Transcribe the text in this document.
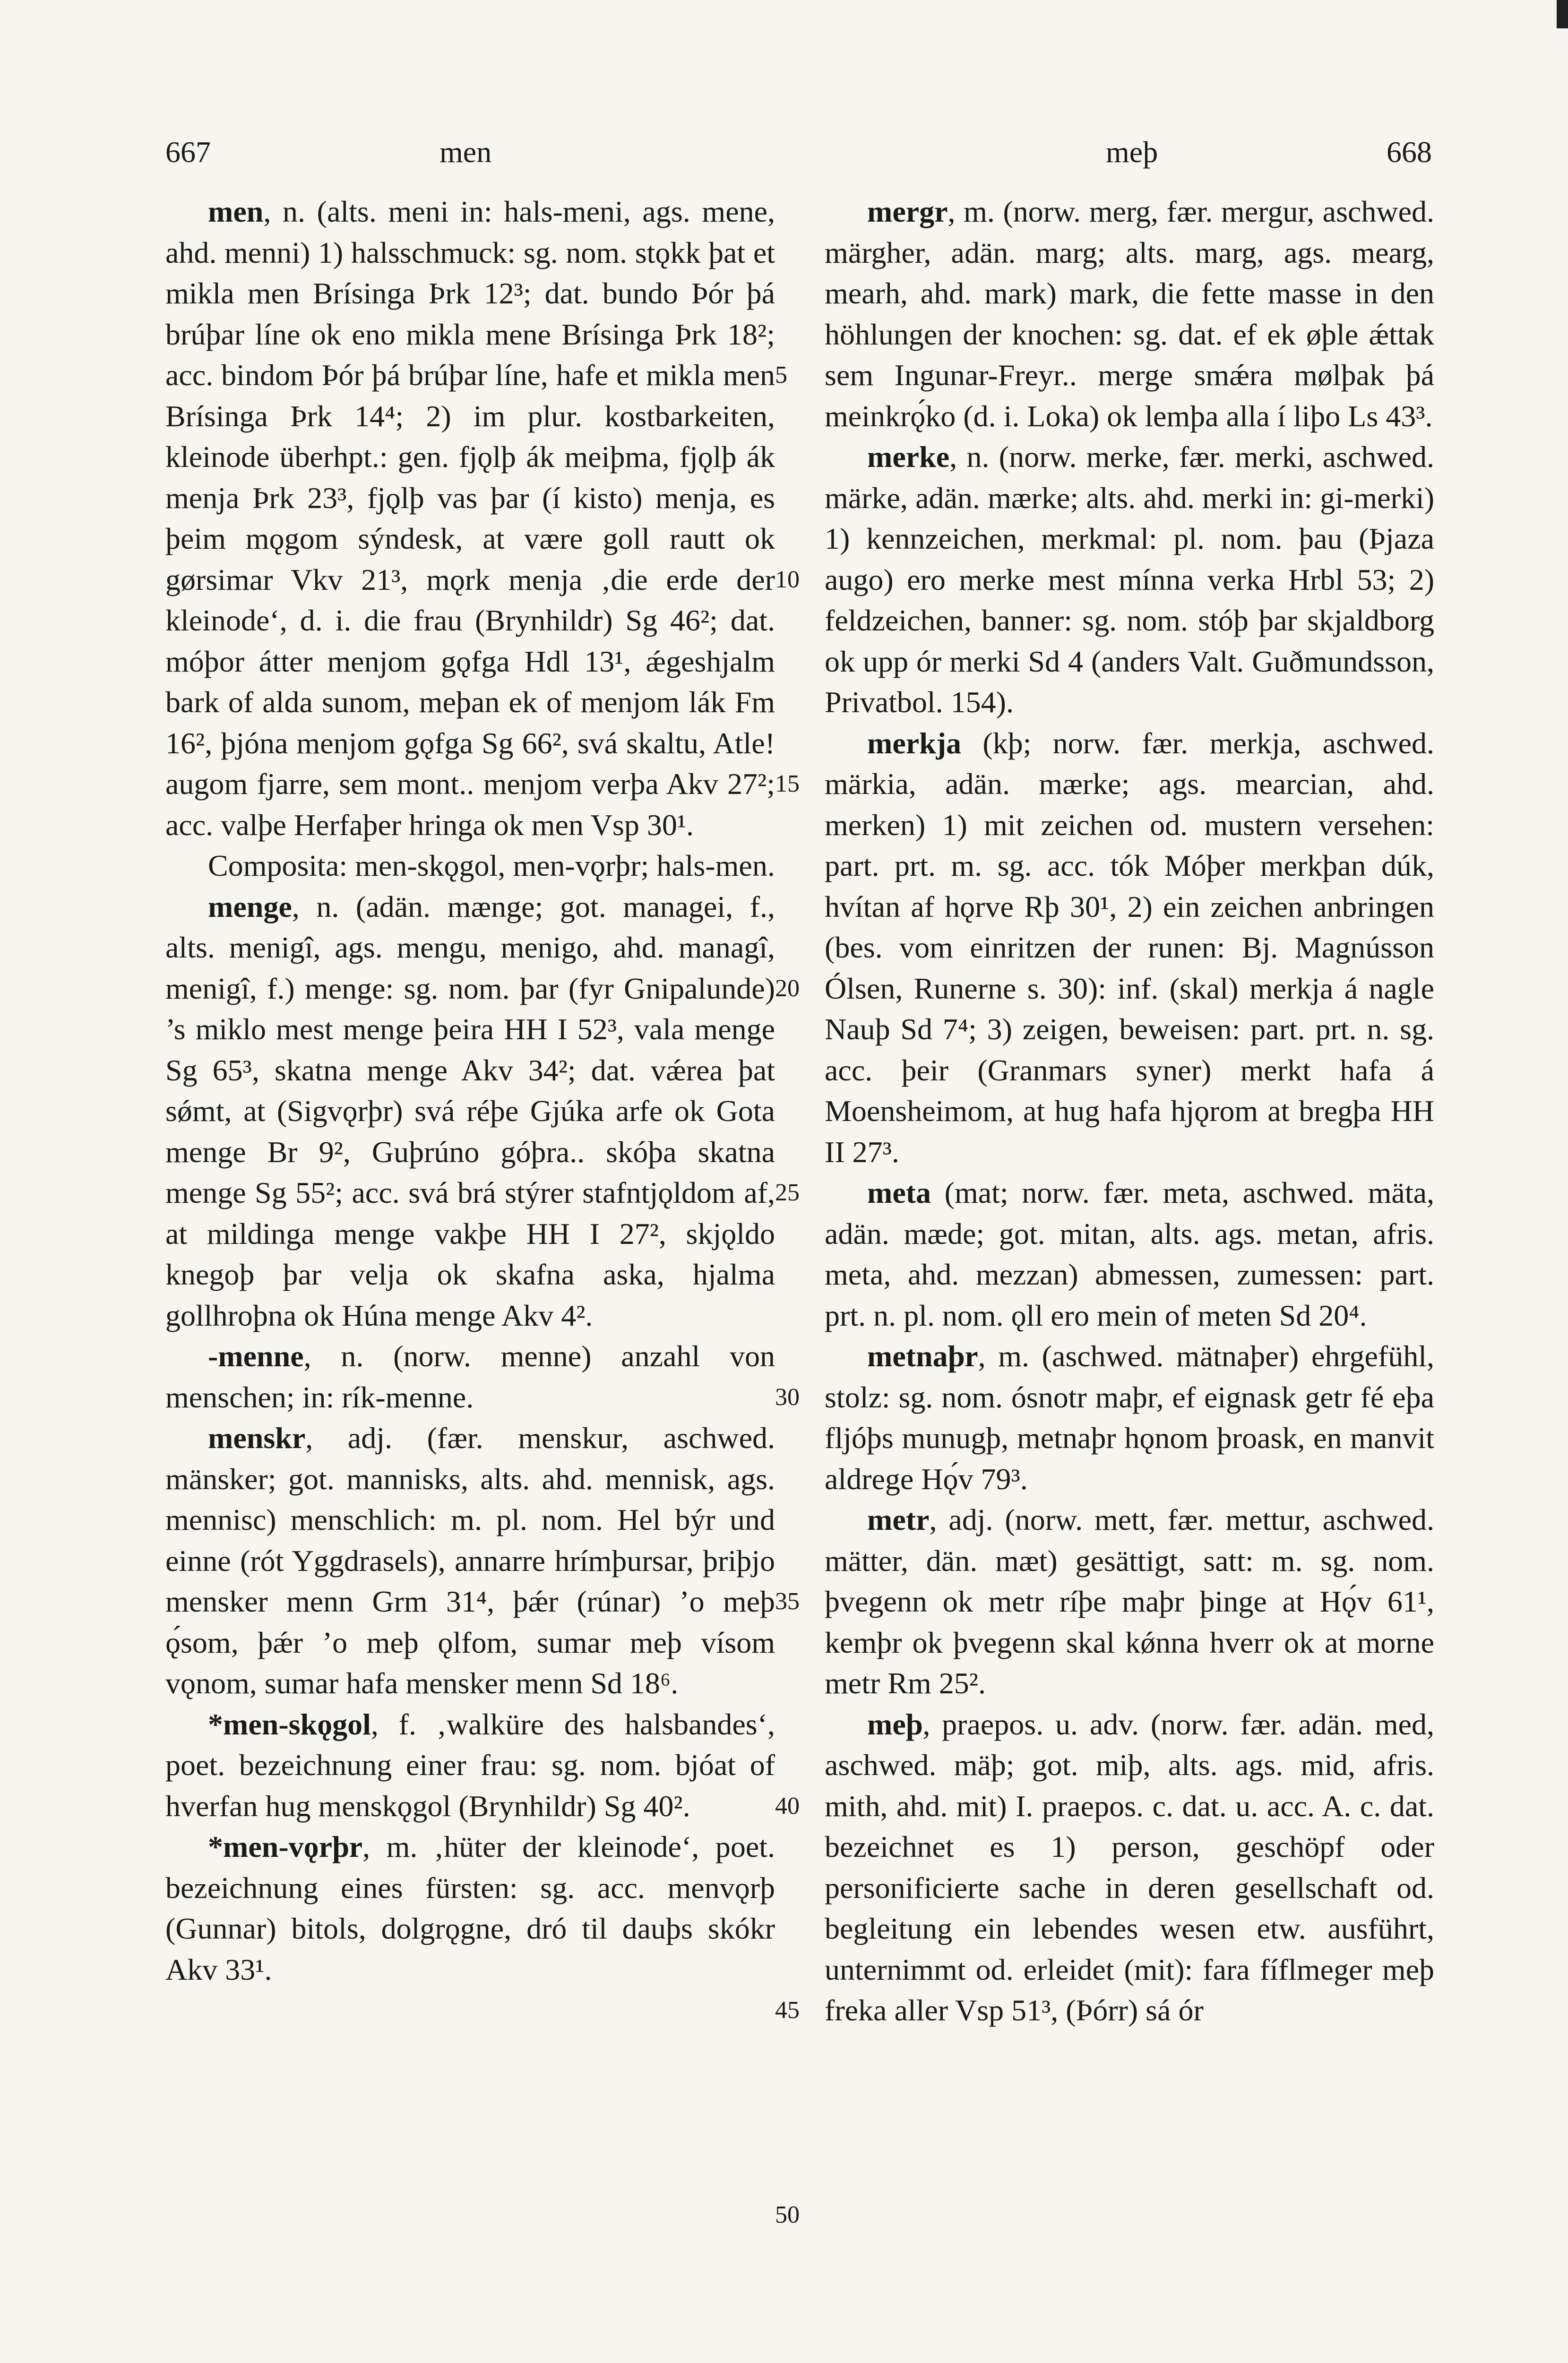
667	men	meþ	668

men, n. (alts. meni in: hals-meni, ags. mene, ahd. menni) 1) halsschmuck: sg. nom. stǫkk þat et mikla men Brísinga Þrk 12³; dat. bundo Þór þá brúþar líne ok eno mikla mene Brísinga Þrk 18²; acc. bindom Þór þá brúþar líne, hafe et mikla men Brísinga Þrk 14⁴; 2) im plur. kostbarkeiten, kleinode überhpt.: gen. fjǫlþ ák meiþma, fjǫlþ ák menja Þrk 23³, fjǫlþ vas þar (í kisto) menja, es þeim mǫgom sýndesk, at være goll rautt ok gørsimar Vkv 21³, mǫrk menja ‚die erde der kleinode‘, d. i. die frau (Brynhildr) Sg 46²; dat. móþor átter menjom gǫfga Hdl 13¹, ǽgeshjalm bark of alda sunom, meþan ek of menjom lák Fm 16², þjóna menjom gǫfga Sg 66², svá skaltu, Atle! augom fjarre, sem mont.. menjom verþa Akv 27²; acc. valþe Herfaþer hringa ok men Vsp 30¹.

Composita: men-skǫgol, men-vǫrþr; hals-men.

menge, n. (adän. mænge; got. managei, f., alts. menigî, ags. mengu, menigo, ahd. managî, menigî, f.) menge: sg. nom. þar (fyr Gnipalunde) ’s miklo mest menge þeira HH I 52³, vala menge Sg 65³, skatna menge Akv 34²; dat. vǽrea þat sǿmt, at (Sigvǫrþr) svá réþe Gjúka arfe ok Gota menge Br 9², Guþrúno góþra.. skóþa skatna menge Sg 55²; acc. svá brá stýrer stafntjǫldom af, at mildinga menge vakþe HH I 27², skjǫldo knegoþ þar velja ok skafna aska, hjalma gollhroþna ok Húna menge Akv 4².

-menne, n. (norw. menne) anzahl von menschen; in: rík-menne.

menskr, adj. (fær. menskur, aschwed. mänsker; got. mannisks, alts. ahd. mennisk, ags. mennisc) menschlich: m. pl. nom. Hel býr und einne (rót Yggdrasels), annarre hrímþursar, þriþjo mensker menn Grm 31⁴, þǽr (rúnar) ’o meþ ǫ́som, þǽr ’o meþ ǫlfom, sumar meþ vísom vǫnom, sumar hafa mensker menn Sd 18⁶.

*men-skǫgol, f. ‚walküre des halsbandes‘, poet. bezeichnung einer frau: sg. nom. bjóat of hverfan hug menskǫgol (Brynhildr) Sg 40².

*men-vǫrþr, m. ‚hüter der kleinode‘, poet. bezeichnung eines fürsten: sg. acc. menvǫrþ (Gunnar) bitols, dolgrǫgne, dró til dauþs skókr Akv 33¹.

5
10
15
20
25
30
35
40
45
50

mergr, m. (norw. merg, fær. mergur, aschwed. märgher, adän. marg; alts. marg, ags. mearg, mearh, ahd. mark) mark, die fette masse in den höhlungen der knochen: sg. dat. ef ek øþle ǽttak sem Ingunar-Freyr.. merge smǽra mølþak þá meinkrǫ́ko (d. i. Loka) ok lemþa alla í liþo Ls 43³.

merke, n. (norw. merke, fær. merki, aschwed. märke, adän. mærke; alts. ahd. merki in: gi-merki) 1) kennzeichen, merkmal: pl. nom. þau (Þjaza augo) ero merke mest mínna verka Hrbl 53; 2) feldzeichen, banner: sg. nom. stóþ þar skjaldborg ok upp ór merki Sd 4 (anders Valt. Guðmundsson, Privatbol. 154).

merkja (kþ; norw. fær. merkja, aschwed. märkia, adän. mærke; ags. mearcian, ahd. merken) 1) mit zeichen od. mustern versehen: part. prt. m. sg. acc. tók Móþer merkþan dúk, hvítan af hǫrve Rþ 30¹, 2) ein zeichen anbringen (bes. vom einritzen der runen: Bj. Magnússon Ólsen, Runerne s. 30): inf. (skal) merkja á nagle Nauþ Sd 7⁴; 3) zeigen, beweisen: part. prt. n. sg. acc. þeir (Granmars syner) merkt hafa á Moensheimom, at hug hafa hjǫrom at bregþa HH II 27³.

meta (mat; norw. fær. meta, aschwed. mäta, adän. mæde; got. mitan, alts. ags. metan, afris. meta, ahd. mezzan) abmessen, zumessen: part. prt. n. pl. nom. ǫll ero mein of meten Sd 20⁴.

metnaþr, m. (aschwed. mätnaþer) ehrgefühl, stolz: sg. nom. ósnotr maþr, ef eignask getr fé eþa fljóþs munugþ, metnaþr hǫnom þroask, en manvit aldrege Hǫ́v 79³.

metr, adj. (norw. mett, fær. mettur, aschwed. mätter, dän. mæt) gesättigt, satt: m. sg. nom. þvegenn ok metr ríþe maþr þinge at Hǫ́v 61¹, kemþr ok þvegenn skal kǿnna hverr ok at morne metr Rm 25².

meþ, praepos. u. adv. (norw. fær. adän. med, aschwed. mäþ; got. miþ, alts. ags. mid, afris. mith, ahd. mit) I. praepos. c. dat. u. acc. A. c. dat. bezeichnet es 1) person, geschöpf oder personificierte sache in deren gesellschaft od. begleitung ein lebendes wesen etw. ausführt, unternimmt od. erleidet (mit): fara fíflmeger meþ freka aller Vsp 51³, (Þórr) sá ór
